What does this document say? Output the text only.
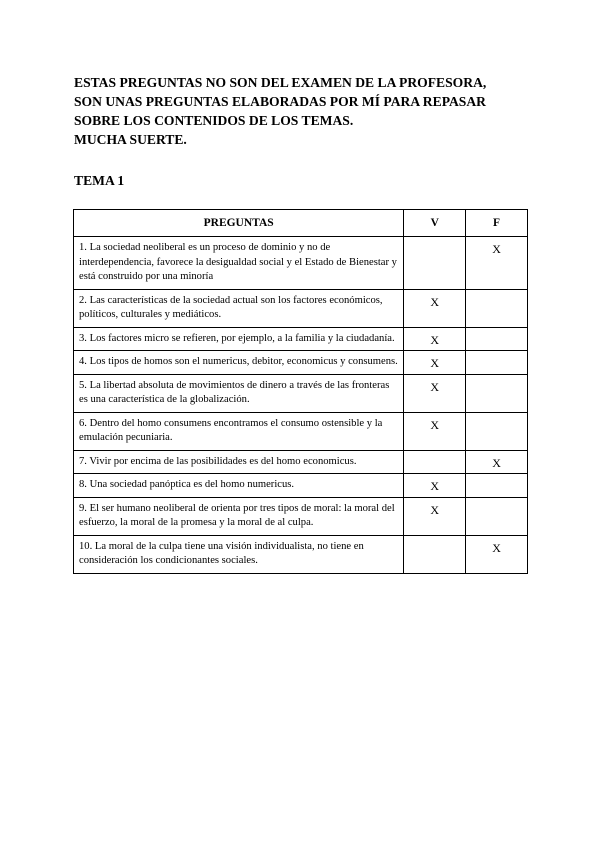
ESTAS PREGUNTAS NO SON DEL EXAMEN DE LA PROFESORA,
SON UNAS PREGUNTAS ELABORADAS POR MÍ PARA REPASAR
SOBRE LOS CONTENIDOS DE LOS TEMAS.
MUCHA SUERTE.
TEMA 1
PREGUNTAS	V	F
1. La sociedad neoliberal es un proceso de dominio y no de interdependencia, favorece la desigualdad social y el Estado de Bienestar y está construido por una minoría		X
2. Las características de la sociedad actual son los factores económicos, políticos, culturales y mediáticos.	X	
3. Los factores micro se refieren, por ejemplo, a la familia y la ciudadanía.	X	
4. Los tipos de homos son el numericus, debitor, economicus y consumens.	X	
5. La libertad absoluta de movimientos de dinero a través de las fronteras es una característica de la globalización.	X	
6. Dentro del homo consumens encontramos el consumo ostensible y la emulación pecuniaria.	X	
7. Vivir por encima de las posibilidades es del homo economicus.		X
8. Una sociedad panóptica es del homo numericus.	X	
9. El ser humano neoliberal de orienta por tres tipos de moral: la moral del esfuerzo, la moral de la promesa y la moral de al culpa.	X	
10. La moral de la culpa tiene una visión individualista, no tiene en consideración los condicionantes sociales.		X
